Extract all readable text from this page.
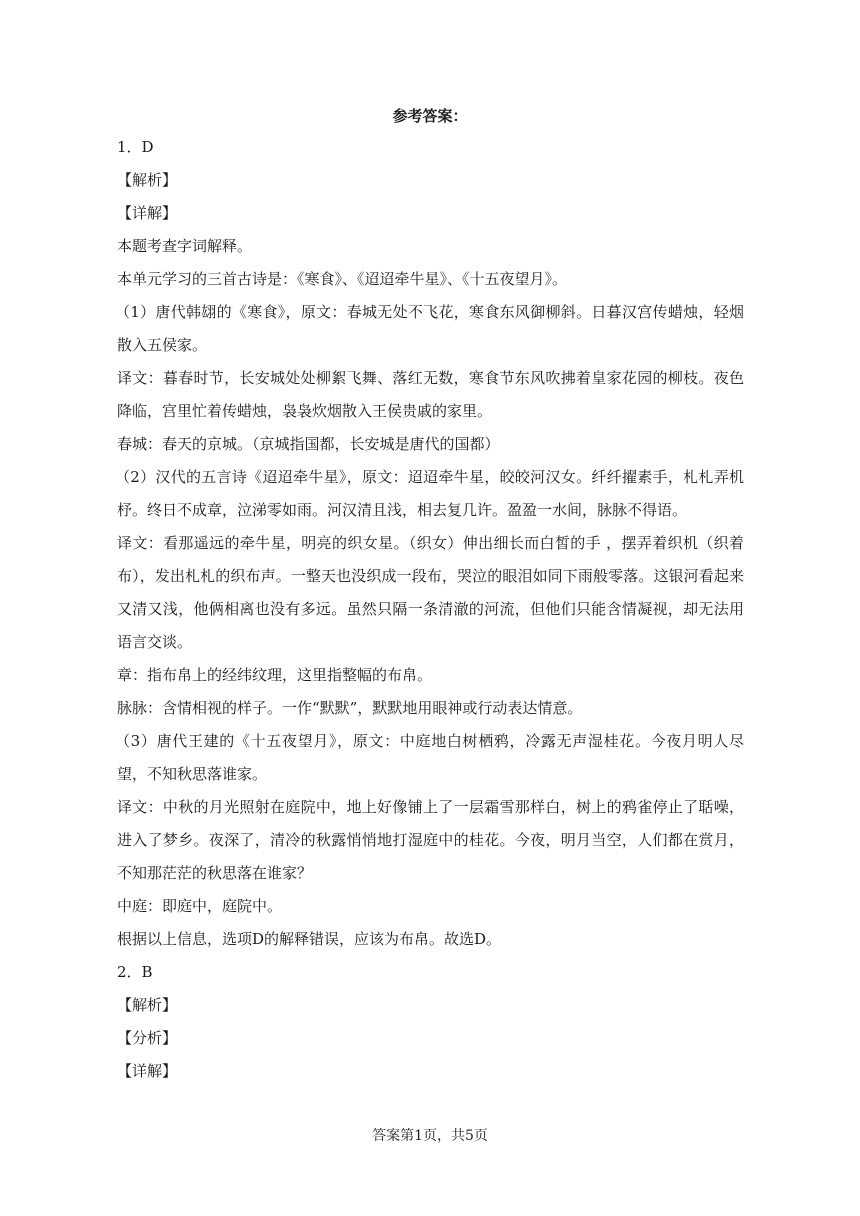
参考答案：

1．D

【解析】

【详解】

本题考查字词解释。

本单元学习的三首古诗是：《寒食》、《迢迢牵牛星》、《十五夜望月》。

（1）唐代韩翃的《寒食》，原文：春城无处不飞花，寒食东风御柳斜。日暮汉宫传蜡烛，轻烟散入五侯家。

译文：暮春时节，长安城处处柳絮飞舞、落红无数，寒食节东风吹拂着皇家花园的柳枝。夜色降临，宫里忙着传蜡烛，袅袅炊烟散入王侯贵戚的家里。

春城：春天的京城。（京城指国都，长安城是唐代的国都）

（2）汉代的五言诗《迢迢牵牛星》，原文：迢迢牵牛星，皎皎河汉女。纤纤擢素手，札札弄机杼。终日不成章，泣涕零如雨。河汉清且浅，相去复几许。盈盈一水间，脉脉不得语。

译文：看那遥远的牵牛星，明亮的织女星。（织女）伸出细长而白皙的手 ，摆弄着织机（织着布），发出札札的织布声。一整天也没织成一段布，哭泣的眼泪如同下雨般零落。这银河看起来又清又浅，他俩相离也没有多远。虽然只隔一条清澈的河流，但他们只能含情凝视，却无法用语言交谈。

章：指布帛上的经纬纹理，这里指整幅的布帛。

脉脉：含情相视的样子。一作“默默”，默默地用眼神或行动表达情意。

（3）唐代王建的《十五夜望月》，原文：中庭地白树栖鸦，冷露无声湿桂花。今夜月明人尽望，不知秋思落谁家。

译文：中秋的月光照射在庭院中，地上好像铺上了一层霜雪那样白，树上的鸦雀停止了聒噪，进入了梦乡。夜深了，清冷的秋露悄悄地打湿庭中的桂花。今夜，明月当空，人们都在赏月，不知那茫茫的秋思落在谁家？

中庭：即庭中，庭院中。

根据以上信息，选项D的解释错误，应该为布帛。故选D。

2．B

【解析】

【分析】

【详解】

答案第1页，共5页
